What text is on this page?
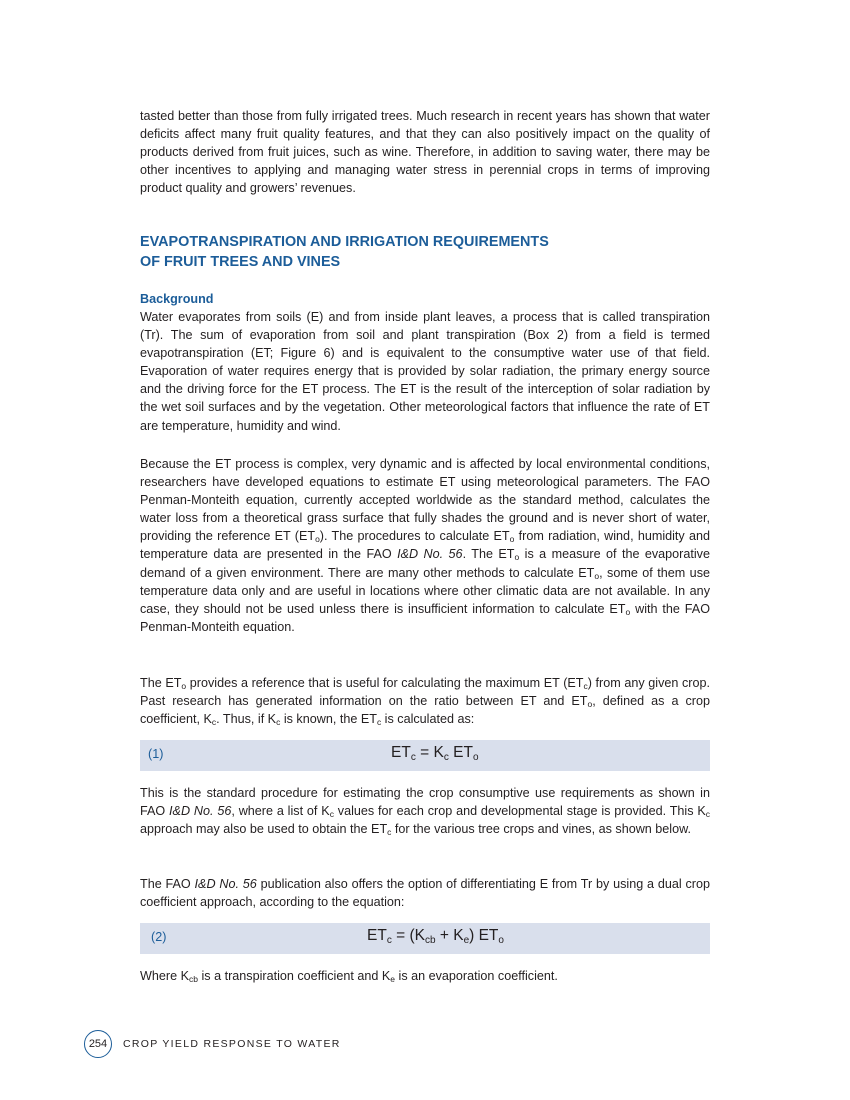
tasted better than those from fully irrigated trees. Much research in recent years has shown that water deficits affect many fruit quality features, and that they can also positively impact on the quality of products derived from fruit juices, such as wine. Therefore, in addition to saving water, there may be other incentives to applying and managing water stress in perennial crops in terms of improving product quality and growers’ revenues.

EVAPOTRANSPIRATION AND IRRIGATION REQUIREMENTS
OF FRUIT TREES AND VINES
Background

Water evaporates from soils (E) and from inside plant leaves, a process that is called transpiration (Tr). The sum of evaporation from soil and plant transpiration (Box 2) from a field is termed evapotranspiration (ET; Figure 6) and is equivalent to the consumptive water use of that field. Evaporation of water requires energy that is provided by solar radiation, the primary energy source and the driving force for the ET process. The ET is the result of the interception of solar radiation by the wet soil surfaces and by the vegetation. Other meteorological factors that influence the rate of ET are temperature, humidity and wind.

Because the ET process is complex, very dynamic and is affected by local environmental conditions, researchers have developed equations to estimate ET using meteorological parameters. The FAO Penman-Monteith equation, currently accepted worldwide as the standard method, calculates the water loss from a theoretical grass surface that fully shades the ground and is never short of water, providing the reference ET $(ET_o)$. The procedures to calculate $ET_o$ from radiation, wind, humidity and temperature data are presented in the FAO I&D No. 56. The $ET_o$ is a measure of the evaporative demand of a given environment. There are many other methods to calculate $ET_o$, some of them use temperature data only and are useful in locations where other climatic data are not available. In any case, they should not be used unless there is insufficient information to calculate $ET_o$ with the FAO Penman-Monteith equation.

The $ET_o$ provides a reference that is useful for calculating the maximum ET $(ET_c)$ from any given crop. Past research has generated information on the ratio between ET and $ET_o$, defined as a crop coefficient, $K_c$. Thus, if $K_c$ is known, the $ET_c$ is calculated as:

(1)	$ET_c = K_c$ $ET_o$

This is the standard procedure for estimating the crop consumptive use requirements as shown in FAO I&D No. 56, where a list of $K_c$ values for each crop and developmental stage is provided. This $K_c$ approach may also be used to obtain the $ET_c$ for the various tree crops and vines, as shown below.

The FAO I&D No. 56 publication also offers the option of differentiating E from Tr by using a dual crop coefficient approach, according to the equation:

(2)	$ET_c = (K_{cb} + K_e)$ $ET_o$

Where $K_{cb}$ is a transpiration coefficient and $K_e$ is an evaporation coefficient.

254	CROP YIELD RESPONSE TO WATER
